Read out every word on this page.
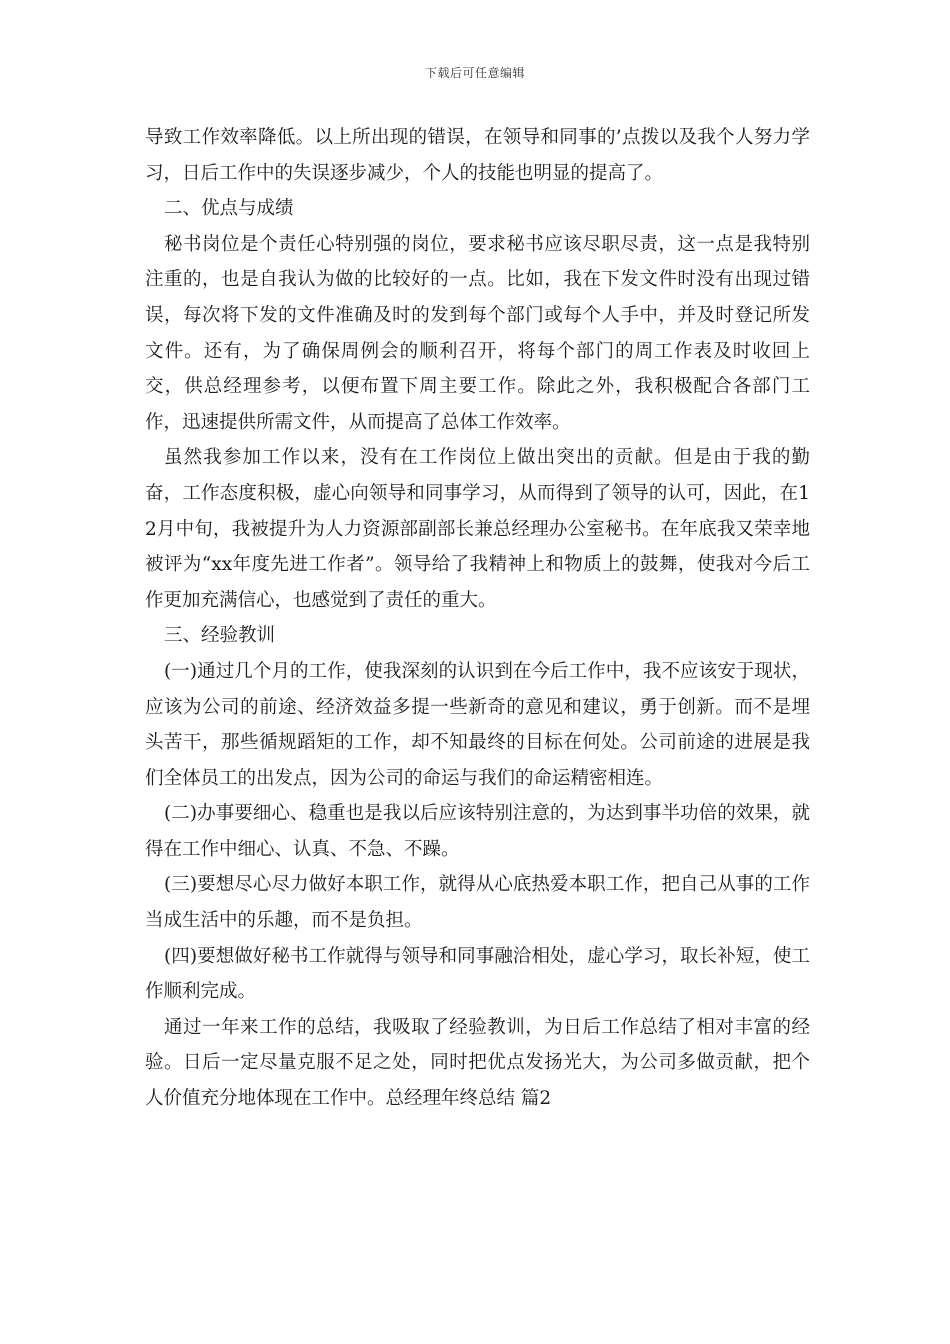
下载后可任意编辑

导致工作效率降低。以上所出现的错误，在领导和同事的’点拨以及我个人努力学习，日后工作中的失误逐步减少，个人的技能也明显的提高了。

二、优点与成绩

秘书岗位是个责任心特别强的岗位，要求秘书应该尽职尽责，这一点是我特别注重的，也是自我认为做的比较好的一点。比如，我在下发文件时没有出现过错误，每次将下发的文件准确及时的发到每个部门或每个人手中，并及时登记所发文件。还有，为了确保周例会的顺利召开，将每个部门的周工作表及时收回上交，供总经理参考，以便布置下周主要工作。除此之外，我积极配合各部门工作，迅速提供所需文件，从而提高了总体工作效率。

虽然我参加工作以来，没有在工作岗位上做出突出的贡献。但是由于我的勤奋，工作态度积极，虚心向领导和同事学习，从而得到了领导的认可，因此，在12月中旬，我被提升为人力资源部副部长兼总经理办公室秘书。在年底我又荣幸地被评为“xx年度先进工作者”。领导给了我精神上和物质上的鼓舞，使我对今后工作更加充满信心，也感觉到了责任的重大。

三、经验教训

(一)通过几个月的工作，使我深刻的认识到在今后工作中，我不应该安于现状，应该为公司的前途、经济效益多提一些新奇的意见和建议，勇于创新。而不是埋头苦干，那些循规蹈矩的工作，却不知最终的目标在何处。公司前途的进展是我们全体员工的出发点，因为公司的命运与我们的命运精密相连。

(二)办事要细心、稳重也是我以后应该特别注意的，为达到事半功倍的效果，就得在工作中细心、认真、不急、不躁。

(三)要想尽心尽力做好本职工作，就得从心底热爱本职工作，把自己从事的工作当成生活中的乐趣，而不是负担。

(四)要想做好秘书工作就得与领导和同事融洽相处，虚心学习，取长补短，使工作顺利完成。

通过一年来工作的总结，我吸取了经验教训，为日后工作总结了相对丰富的经验。日后一定尽量克服不足之处，同时把优点发扬光大，为公司多做贡献，把个人价值充分地体现在工作中。总经理年终总结 篇2
